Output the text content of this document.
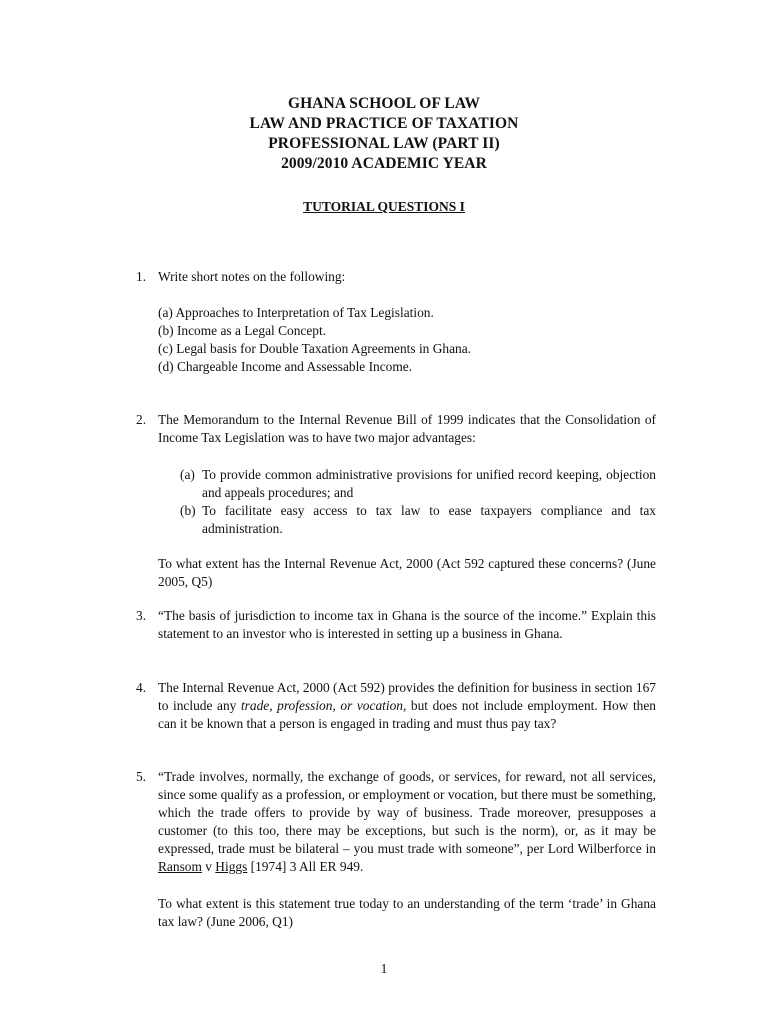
GHANA SCHOOL OF LAW
LAW AND PRACTICE OF TAXATION
PROFESSIONAL LAW (PART II)
2009/2010 ACADEMIC YEAR
TUTORIAL QUESTIONS I
1. Write short notes on the following:

(a) Approaches to Interpretation of Tax Legislation.
(b) Income as a Legal Concept.
(c) Legal basis for Double Taxation Agreements in Ghana.
(d) Chargeable Income and Assessable Income.
2. The Memorandum to the Internal Revenue Bill of 1999 indicates that the Consolidation of Income Tax Legislation was to have two major advantages:

(a) To provide common administrative provisions for unified record keeping, objection and appeals procedures; and
(b) To facilitate easy access to tax law to ease taxpayers compliance and tax administration.

To what extent has the Internal Revenue Act, 2000 (Act 592 captured these concerns? (June 2005, Q5)

3. “The basis of jurisdiction to income tax in Ghana is the source of the income.” Explain this statement to an investor who is interested in setting up a business in Ghana.

4. The Internal Revenue Act, 2000 (Act 592) provides the definition for business in section 167 to include any trade, profession, or vocation, but does not include employment. How then can it be known that a person is engaged in trading and must thus pay tax?

5. “Trade involves, normally, the exchange of goods, or services, for reward, not all services, since some qualify as a profession, or employment or vocation, but there must be something, which the trade offers to provide by way of business. Trade moreover, presupposes a customer (to this too, there may be exceptions, but such is the norm), or, as it may be expressed, trade must be bilateral – you must trade with someone”, per Lord Wilberforce in Ransom v Higgs [1974] 3 All ER 949.

To what extent is this statement true today to an understanding of the term ‘trade’ in Ghana tax law? (June 2006, Q1)

1
